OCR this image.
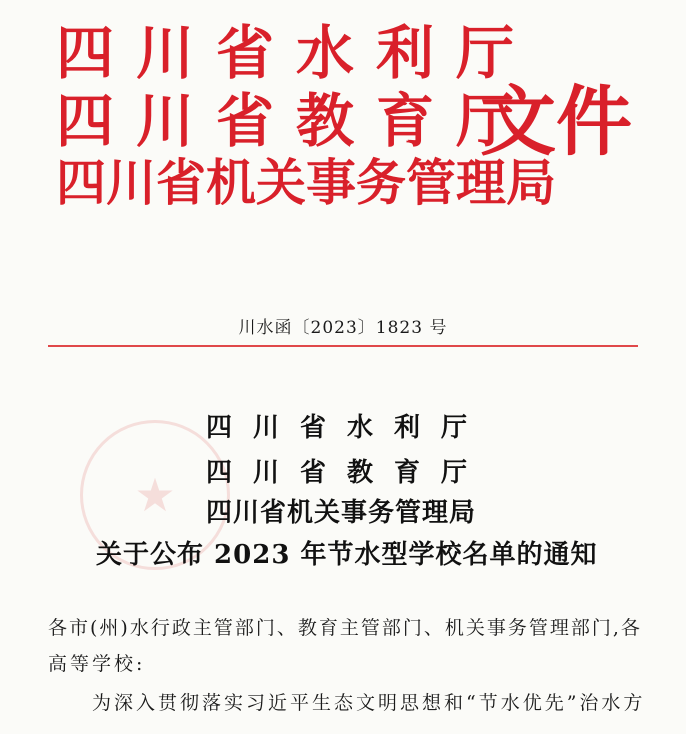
四川省水利厅
四川省教育厅
四川省机关事务管理局
文件
川水函〔2023〕1823 号
★
四川省水利厅
四川省教育厅
四川省机关事务管理局
关于公布 2023 年节水型学校名单的通知
各市(州)水行政主管部门、教育主管部门、机关事务管理部门,各
高等学校:
为深入贯彻落实习近平生态文明思想和“节水优先”治水方
